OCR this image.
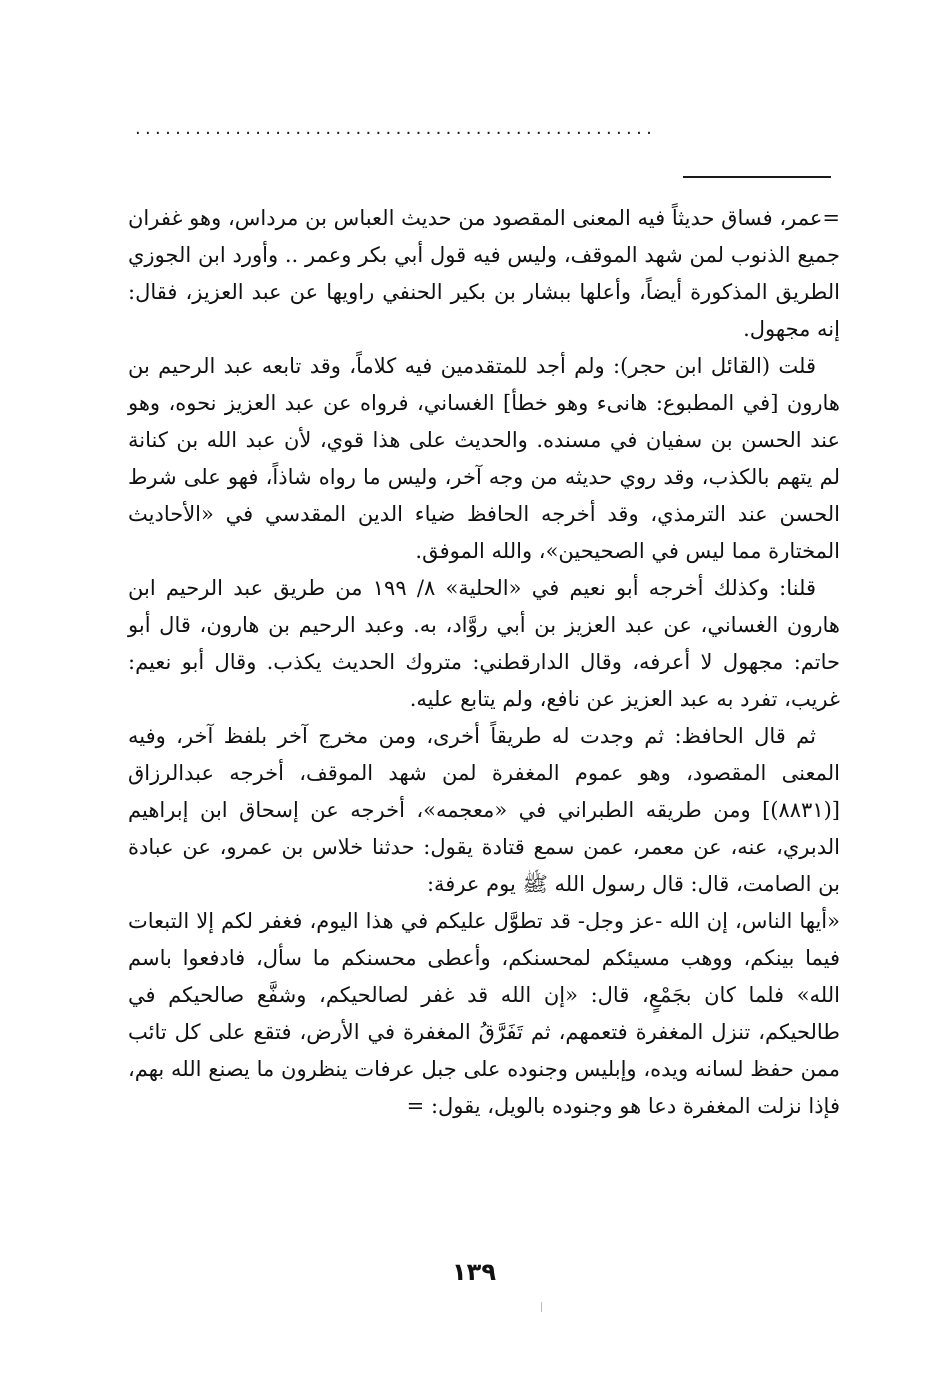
....................................................

=عمر، فساق حديثاً فيه المعنى المقصود من حديث العباس بن مرداس، وهو غفران جميع الذنوب لمن شهد الموقف، وليس فيه قول أبي بكر وعمر .. وأورد ابن الجوزي الطريق المذكورة أيضاً، وأعلها ببشار بن بكير الحنفي راويها عن عبد العزيز، فقال: إنه مجهول.

قلت (القائل ابن حجر): ولم أجد للمتقدمين فيه كلاماً، وقد تابعه عبد الرحيم بن هارون [في المطبوع: هانىء وهو خطأ] الغساني، فرواه عن عبد العزيز نحوه، وهو عند الحسن بن سفيان في مسنده. والحديث على هذا قوي، لأن عبد الله بن كنانة لم يتهم بالكذب، وقد روي حديثه من وجه آخر، وليس ما رواه شاذاً، فهو على شرط الحسن عند الترمذي، وقد أخرجه الحافظ ضياء الدين المقدسي في «الأحاديث المختارة مما ليس في الصحيحين»، والله الموفق.

قلنا: وكذلك أخرجه أبو نعيم في «الحلية» ٨/ ١٩٩ من طريق عبد الرحيم ابن هارون الغساني، عن عبد العزيز بن أبي روَّاد، به. وعبد الرحيم بن هارون، قال أبو حاتم: مجهول لا أعرفه، وقال الدارقطني: متروك الحديث يكذب. وقال أبو نعيم: غريب، تفرد به عبد العزيز عن نافع، ولم يتابع عليه.

ثم قال الحافظ: ثم وجدت له طريقاً أخرى، ومن مخرج آخر بلفظ آخر، وفيه المعنى المقصود، وهو عموم المغفرة لمن شهد الموقف، أخرجه عبدالرزاق [(٨٨٣١)] ومن طريقه الطبراني في «معجمه»، أخرجه عن إسحاق ابن إبراهيم الدبري، عنه، عن معمر، عمن سمع قتادة يقول: حدثنا خلاس بن عمرو، عن عبادة بن الصامت، قال: قال رسول الله ﷺ يوم عرفة:

«أيها الناس، إن الله -عز وجل- قد تطوَّل عليكم في هذا اليوم، فغفر لكم إلا التبعات فيما بينكم، ووهب مسيئكم لمحسنكم، وأعطى محسنكم ما سأل، فادفعوا باسم الله» فلما كان بجَمْعٍ، قال: «إن الله قد غفر لصالحيكم، وشفَّع صالحيكم في طالحيكم، تنزل المغفرة فتعمهم، ثم تَفَرَّقُ المغفرة في الأرض، فتقع على كل تائب ممن حفظ لسانه ويده، وإبليس وجنوده على جبل عرفات ينظرون ما يصنع الله بهم، فإذا نزلت المغفرة دعا هو وجنوده بالويل، يقول: =

١٣٩
